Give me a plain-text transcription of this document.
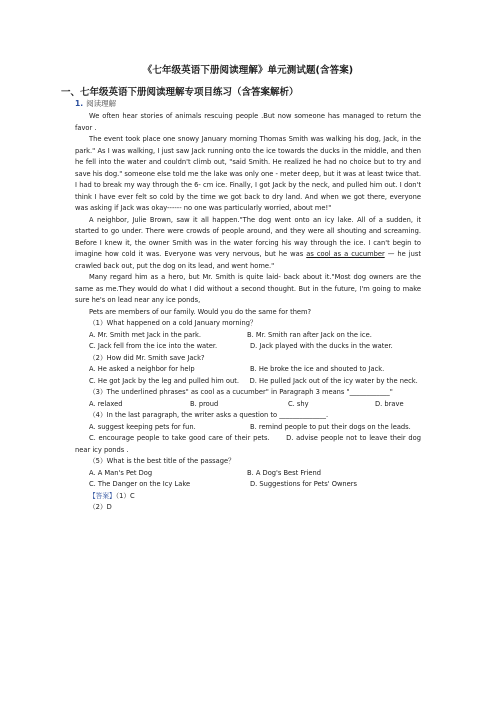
《七年级英语下册阅读理解》单元测试题(含答案)
一、七年级英语下册阅读理解专项目练习（含答案解析）
1. 阅读理解

We often hear stories of animals rescuing people .But now someone has managed to return the favor .

The event took place one snowy January morning Thomas Smith was walking his dog, Jack, in the park." As I was walking, I just saw Jack running onto the ice towards the ducks in the middle, and then he fell into the water and couldn't climb out, "said Smith. He realized he had no choice but to try and save his dog." someone else told me the lake was only one - meter deep, but it was at least twice that. I had to break my way through the 6- cm ice. Finally, I got Jack by the neck, and pulled him out. I don't think I have ever felt so cold by the time we got back to dry land. And when we got there, everyone was asking if Jack was okay------ no one was particularly worried, about me!"

A neighbor, Julie Brown, saw it all happen."The dog went onto an icy lake. All of a sudden, it started to go under. There were crowds of people around, and they were all shouting and screaming. Before I knew it, the owner Smith was in the water forcing his way through the ice. I can't begin to imagine how cold it was. Everyone was very nervous, but he was as cool as a cucumber — he just crawled back out, put the dog on its lead, and went home."

Many regard him as a hero, but Mr. Smith is quite laid- back about it."Most dog owners are the same as me.They would do what I did without a second thought. But in the future, I'm going to make sure he's on lead near any ice ponds,

Pets are members of our family. Would you do the same for them?

（1）What happened on a cold January morning？

A. Mr. Smith met Jack in the park.	B. Mr. Smith ran after Jack on the ice.

C. Jack fell from the ice into the water.	D. Jack played with the ducks in the water.

（2）How did Mr. Smith save Jack?

A. He asked a neighbor for help	B. He broke the ice and shouted to Jack.

C. He got Jack by the leg and pulled him out. D. He pulled Jack out of the icy water by the neck.

（3）The underlined phrases" as cool as a cucumber" in Paragraph 3 means "____________"

A. relaxed	B. proud	C. shy	D. brave

（4）In the last paragraph, the writer asks a question to ______________.

A. suggest keeping pets for fun.	B. remind people to put their dogs on the leads.

C. encourage people to take good care of their pets. D. advise people not to leave their dog near icy ponds .

（5）What is the best title of the passage？

A. A Man's Pet Dog	B. A Dog's Best Friend

C. The Danger on the Icy Lake	D. Suggestions for Pets' Owners

【答案】（1）C

（2）D
